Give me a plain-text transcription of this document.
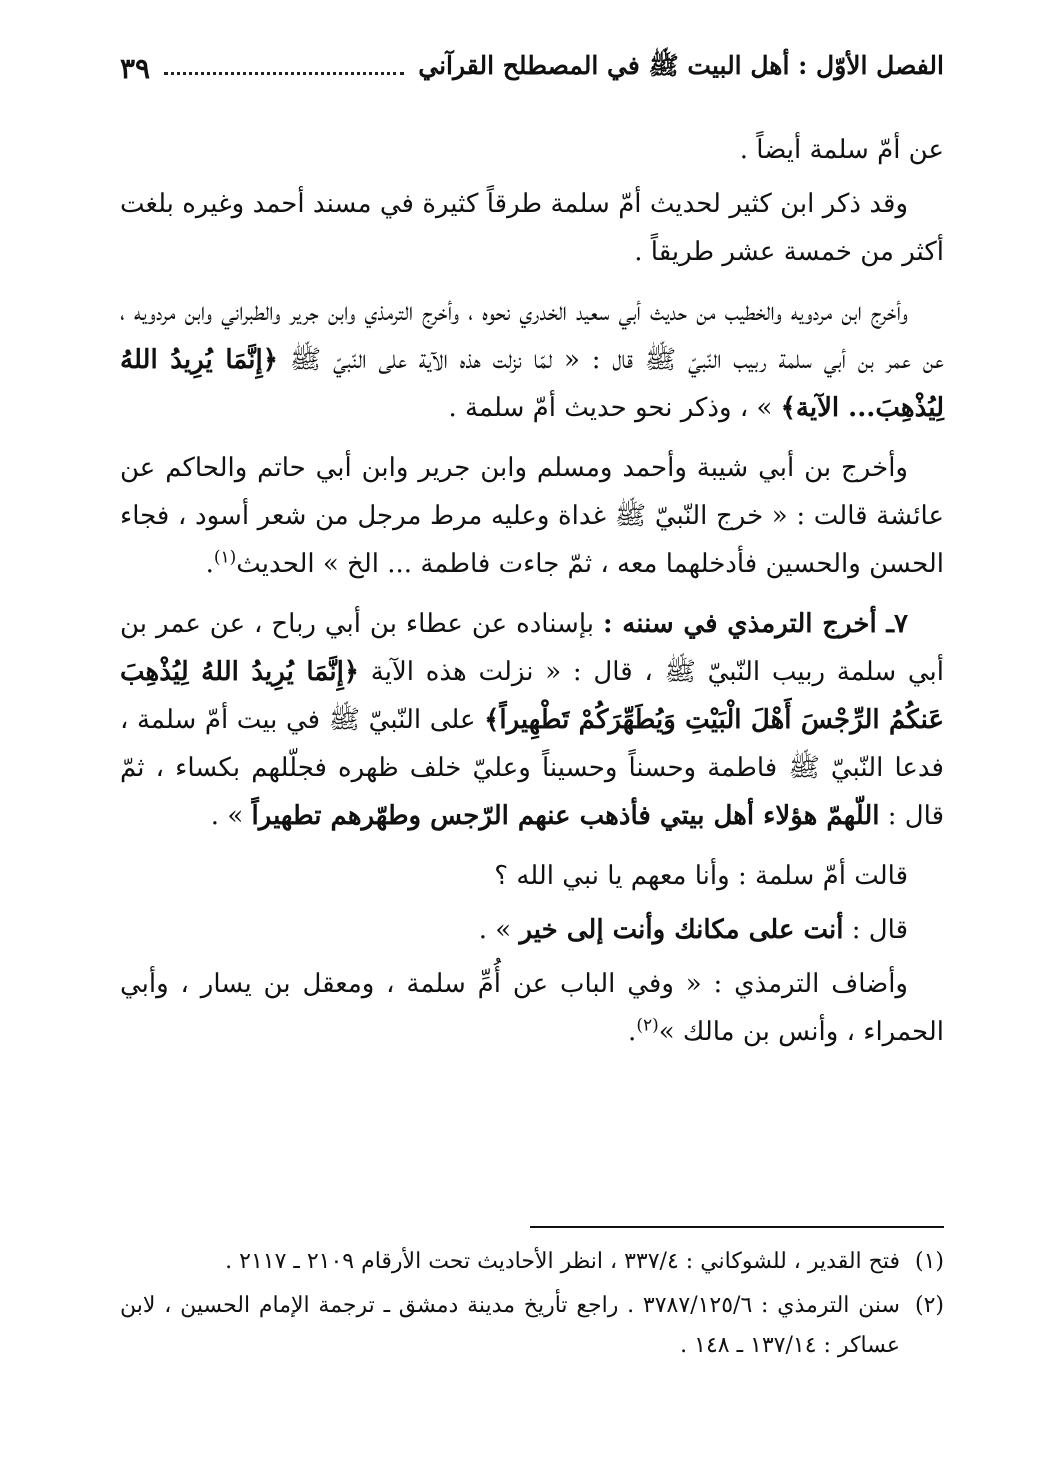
الفصل الأوّل : أهل البيت ﷺ في المصطلح القرآني
٣٩

عن أمّ سلمة أيضاً .

وقد ذكر ابن كثير لحديث أمّ سلمة طرقاً كثيرة في مسند أحمد وغيره بلغت أكثر من خمسة عشر طريقاً .

وأخرج ابن مردويه والخطيب من حديث أبي سعيد الخدري نحوه ، وأخرج الترمذي وابن جرير والطبراني وابن مردويه ، عن عمر بن أبي سلمة ربيب النّبيّ ﷺ قال : « لمّا نزلت هذه الآية على النّبيّ ﷺ ﴿إِنَّمَا يُرِيدُ اللهُ لِيُذْهِبَ... الآية﴾ » ، وذكر نحو حديث أمّ سلمة .

وأخرج بن أبي شيبة وأحمد ومسلم وابن جرير وابن أبي حاتم والحاكم عن عائشة قالت : « خرج النّبيّ ﷺ غداة وعليه مرط مرجل من شعر أسود ، فجاء الحسن والحسين فأدخلهما معه ، ثمّ جاءت فاطمة ... الخ » الحديث$^{(١)}$.

٧ـ أخرج الترمذي في سننه : بإسناده عن عطاء بن أبي رباح ، عن عمر بن أبي سلمة ربيب النّبيّ ﷺ ، قال : « نزلت هذه الآية ﴿إِنَّمَا يُرِيدُ اللهُ لِيُذْهِبَ عَنكُمُ الرِّجْسَ أَهْلَ الْبَيْتِ وَيُطَهِّرَكُمْ تَطْهِيراً﴾ على النّبيّ ﷺ في بيت أمّ سلمة ، فدعا النّبيّ ﷺ فاطمة وحسناً وحسيناً وعليّ خلف ظهره فجلّلهم بكساء ، ثمّ قال : اللّهمّ هؤلاء أهل بيتي فأذهب عنهم الرّجس وطهّرهم تطهيراً » .

قالت أمّ سلمة : وأنا معهم يا نبي الله ؟

قال : أنت على مكانك وأنت إلى خير » .

وأضاف الترمذي : « وفي الباب عن أُمِّ سلمة ، ومعقل بن يسار ، وأبي الحمراء ، وأنس بن مالك »$^{(٢)}$.

(١)
فتح القدير ، للشوكاني : ٣٣٧/٤ ، انظر الأحاديث تحت الأرقام ٢١٠٩ ـ ٢١١٧ .
(٢)
سنن الترمذي : ٣٧٨٧/١٢٥/٦ . راجع تأريخ مدينة دمشق ـ ترجمة الإمام الحسين ، لابن عساكر : ١٣٧/١٤ ـ ١٤٨ .
